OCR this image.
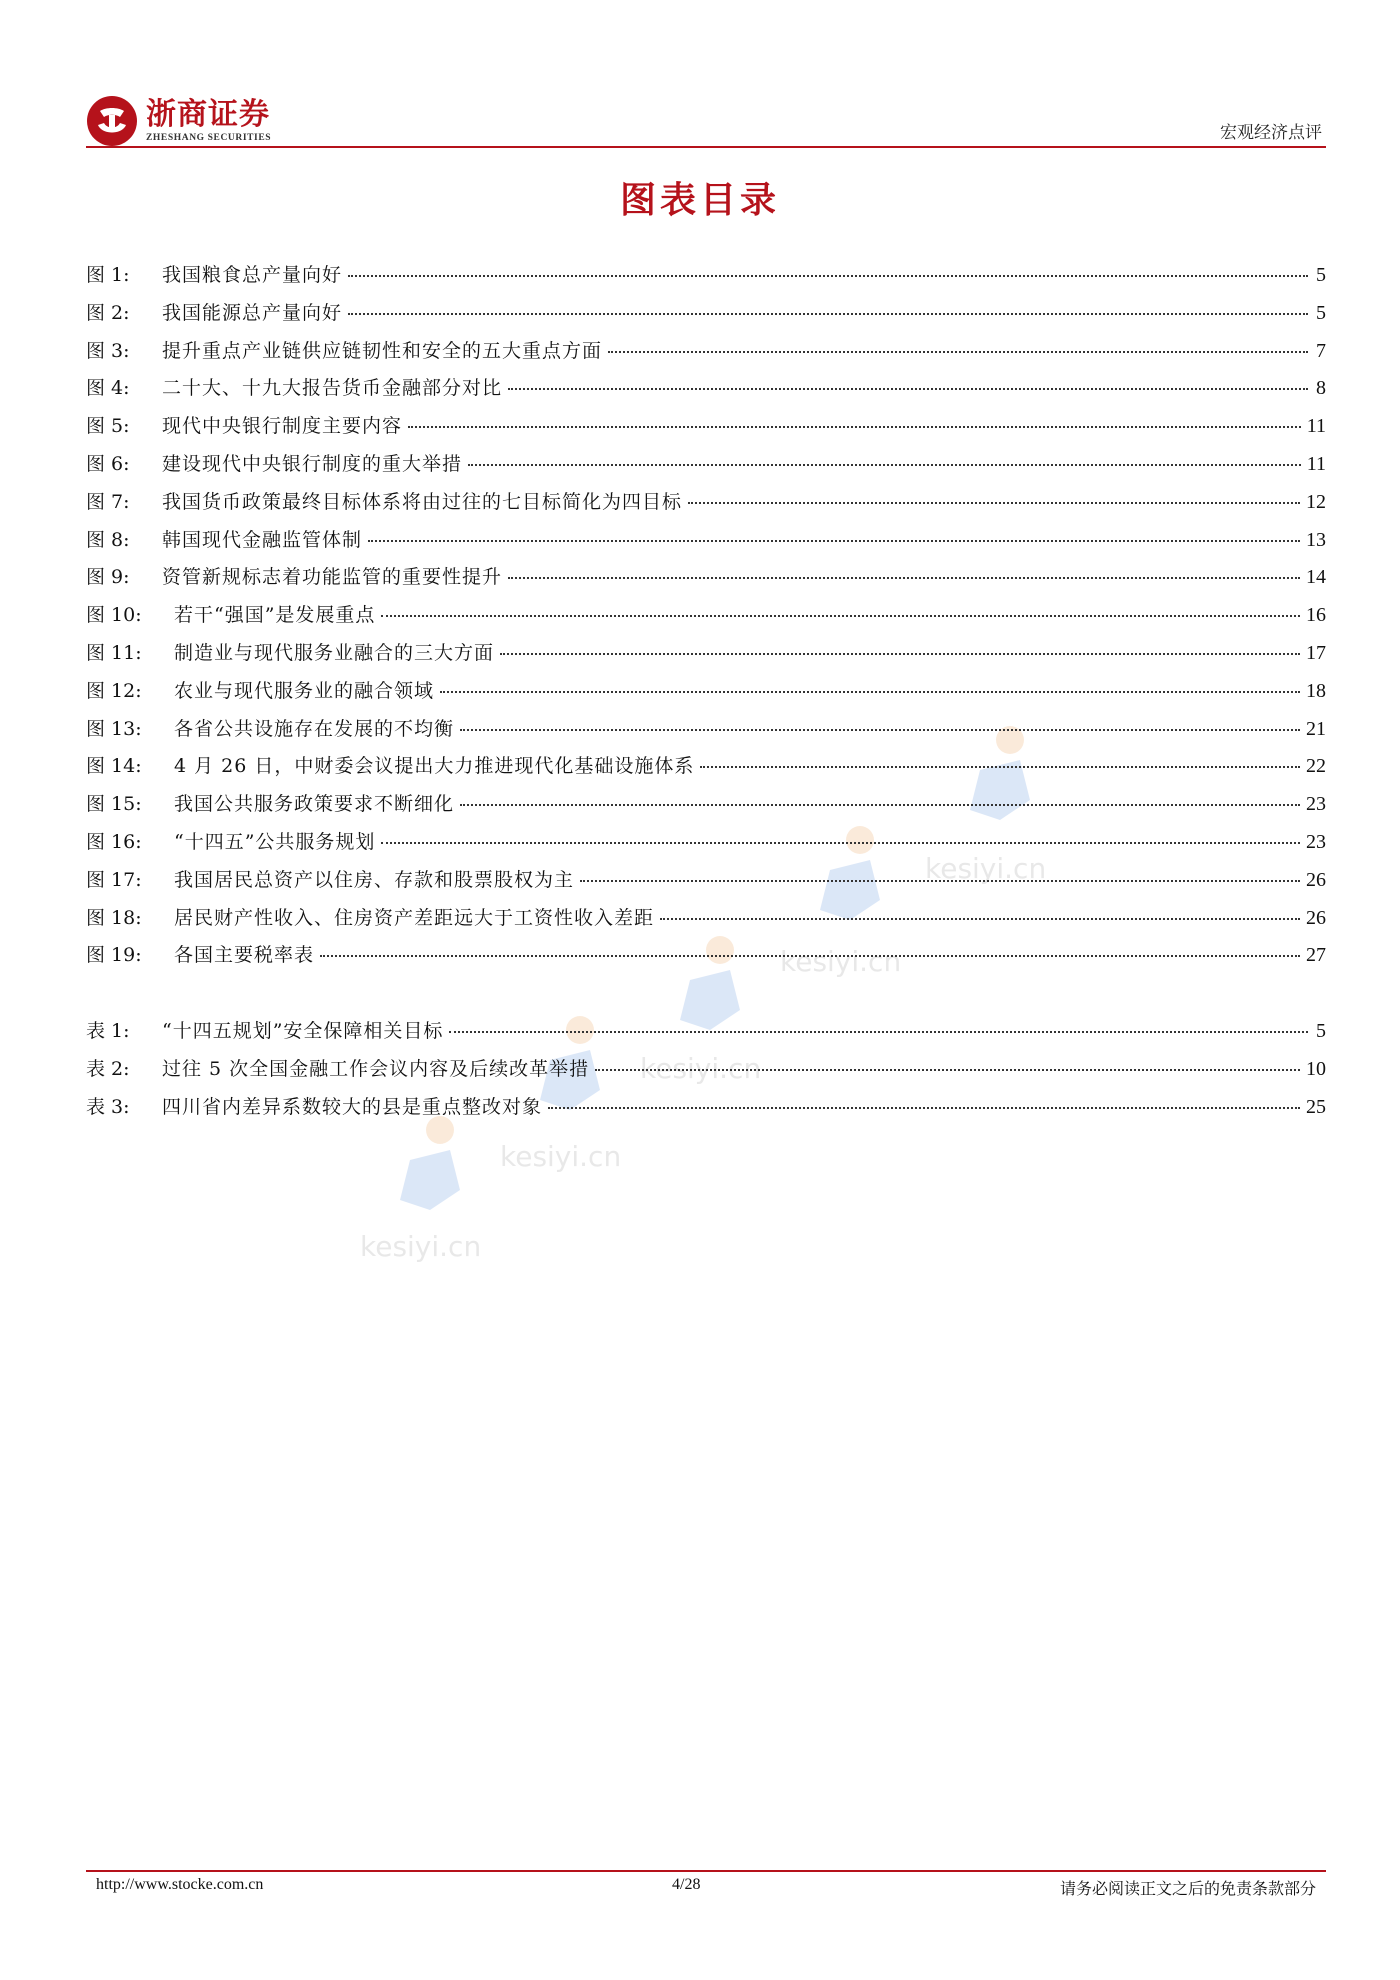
浙商证券
ZHESHANG SECURITIES	宏观经济点评
图表目录
kesiyi.cn
kesiyi.cn
kesiyi.cn
kesiyi.cn
kesiyi.cn
图 1:	我国粮食总产量向好	5
图 2:	我国能源总产量向好	5
图 3:	提升重点产业链供应链韧性和安全的五大重点方面	7
图 4:	二十大、十九大报告货币金融部分对比	8
图 5:	现代中央银行制度主要内容	11
图 6:	建设现代中央银行制度的重大举措	11
图 7:	我国货币政策最终目标体系将由过往的七目标简化为四目标	12
图 8:	韩国现代金融监管体制	13
图 9:	资管新规标志着功能监管的重要性提升	14
图 10:	若干“强国”是发展重点	16
图 11:	制造业与现代服务业融合的三大方面	17
图 12:	农业与现代服务业的融合领域	18
图 13:	各省公共设施存在发展的不均衡	21
图 14:	4 月 26 日，中财委会议提出大力推进现代化基础设施体系	22
图 15:	我国公共服务政策要求不断细化	23
图 16:	“十四五”公共服务规划	23
图 17:	我国居民总资产以住房、存款和股票股权为主	26
图 18:	居民财产性收入、住房资产差距远大于工资性收入差距	26
图 19:	各国主要税率表	27
表 1:	“十四五规划”安全保障相关目标	5
表 2:	过往 5 次全国金融工作会议内容及后续改革举措	10
表 3:	四川省内差异系数较大的县是重点整改对象	25
http://www.stocke.com.cn	4/28	请务必阅读正文之后的免责条款部分
